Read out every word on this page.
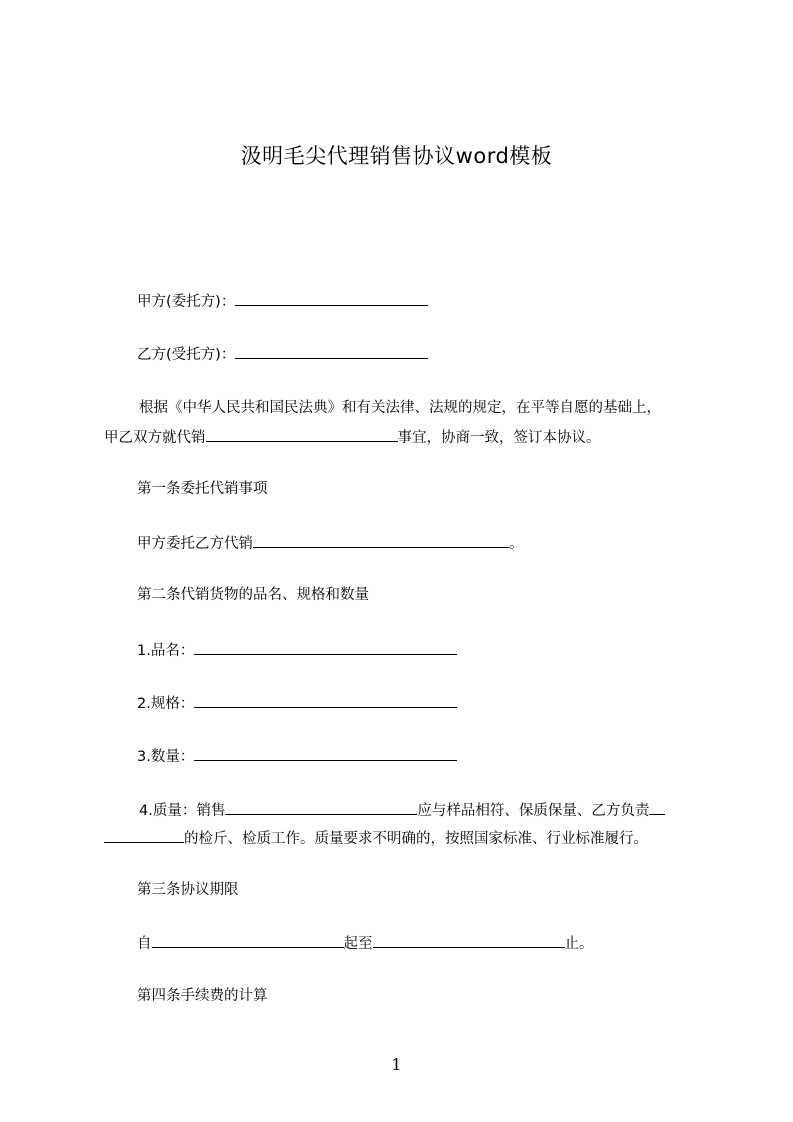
汲明毛尖代理销售协议word模板
甲方(委托方)：
乙方(受托方)：
根据《中华人民共和国民法典》和有关法律、法规的规定，在平等自愿的基础上，
甲乙双方就代销	事宜，协商一致，签订本协议。
第一条委托代销事项
甲方委托乙方代销	。
第二条代销货物的品名、规格和数量
1.品名：
2.规格：
3.数量：
4.质量：销售	应与样品相符、保质保量、乙方负责
的检斤、检质工作。质量要求不明确的，按照国家标准、行业标准履行。
第三条协议期限
自	起至	止。
第四条手续费的计算
1
